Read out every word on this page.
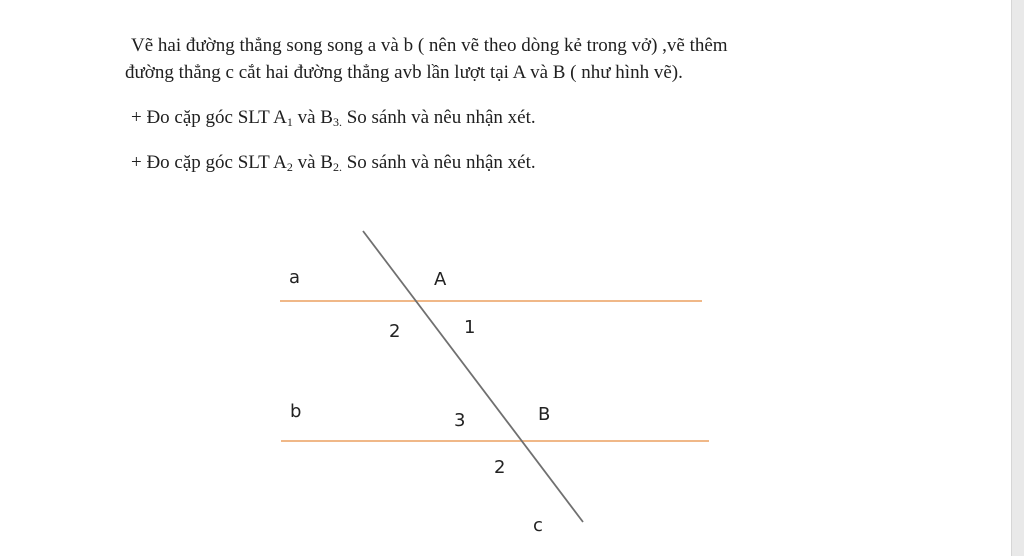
Vẽ hai đường thẳng song song a và b ( nên vẽ theo dòng kẻ trong vở) ,vẽ thêm
đường thẳng c cắt hai đường thẳng avb lần lượt tại A và B ( như hình vẽ).
+ Đo cặp góc SLT $A_1$ và $B_{3.}$ So sánh và nêu nhận xét.
+ Đo cặp góc SLT $A_2$ và $B_{2.}$ So sánh và nêu nhận xét.
a	A
2	1
b	3	B
2
c
